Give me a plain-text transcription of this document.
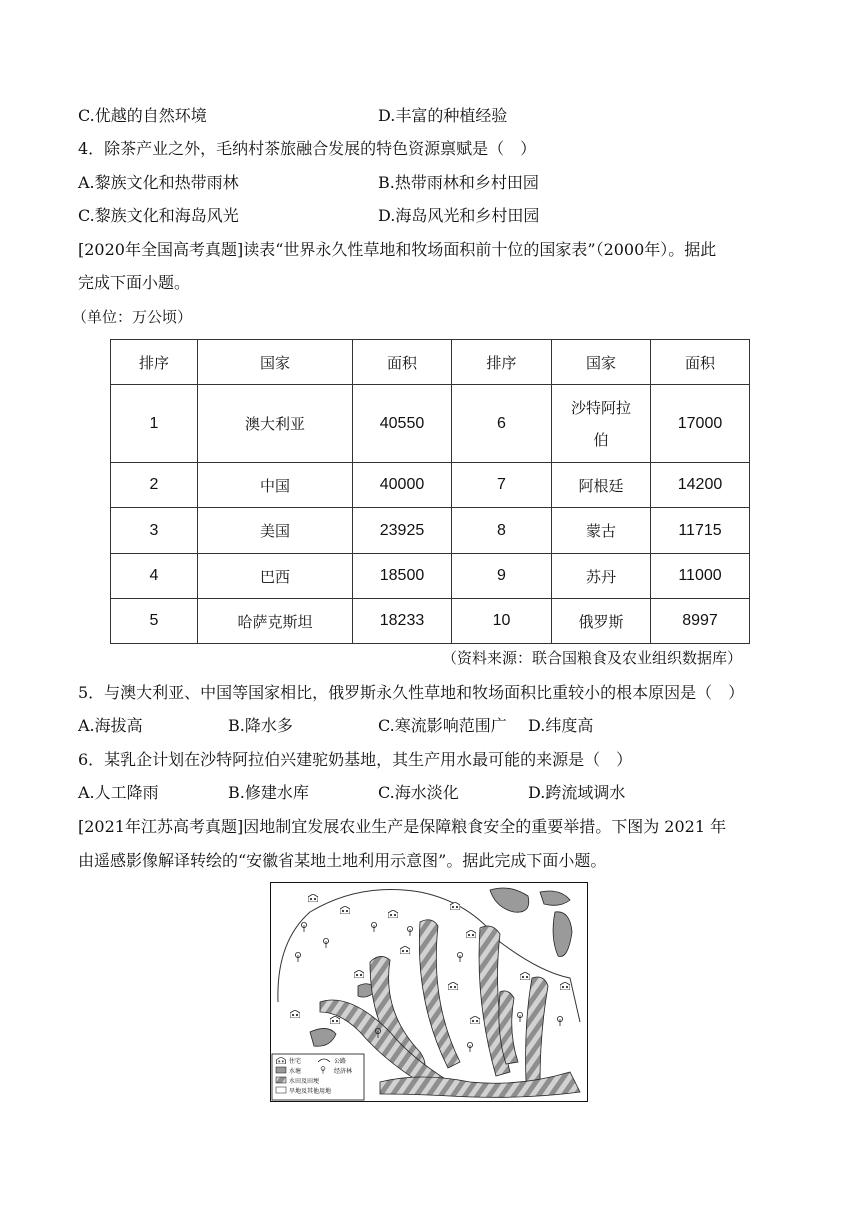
C.优越的自然环境	D.丰富的种植经验
4．除茶产业之外，毛纳村茶旅融合发展的特色资源禀赋是（　）
A.黎族文化和热带雨林	B.热带雨林和乡村田园
C.黎族文化和海岛风光	D.海岛风光和乡村田园
[2020年全国高考真题]读表“世界永久性草地和牧场面积前十位的国家表”（2000年）。据此
完成下面小题。
（单位：万公顷）
排序	国家	面积	排序	国家	面积
1	澳大利亚	40550	6	沙特阿拉伯	17000
2	中国	40000	7	阿根廷	14200
3	美国	23925	8	蒙古	11715
4	巴西	18500	9	苏丹	11000
5	哈萨克斯坦	18233	10	俄罗斯	8997
（资料来源：联合国粮食及农业组织数据库）
5．与澳大利亚、中国等国家相比，俄罗斯永久性草地和牧场面积比重较小的根本原因是（　）
A.海拔高	B.降水多	C.寒流影响范围广 D.纬度高
6．某乳企计划在沙特阿拉伯兴建驼奶基地，其生产用水最可能的来源是（　）
A.人工降雨	B.修建水库	C.海水淡化	D.跨流域调水
[2021年江苏高考真题]因地制宜发展农业生产是保障粮食安全的重要举措。下图为 2021 年
由遥感影像解译转绘的“安徽省某地土地利用示意图”。据此完成下面小题。
住宅	公路
水塘	经济林
水田及田埂
旱地及其他用地
